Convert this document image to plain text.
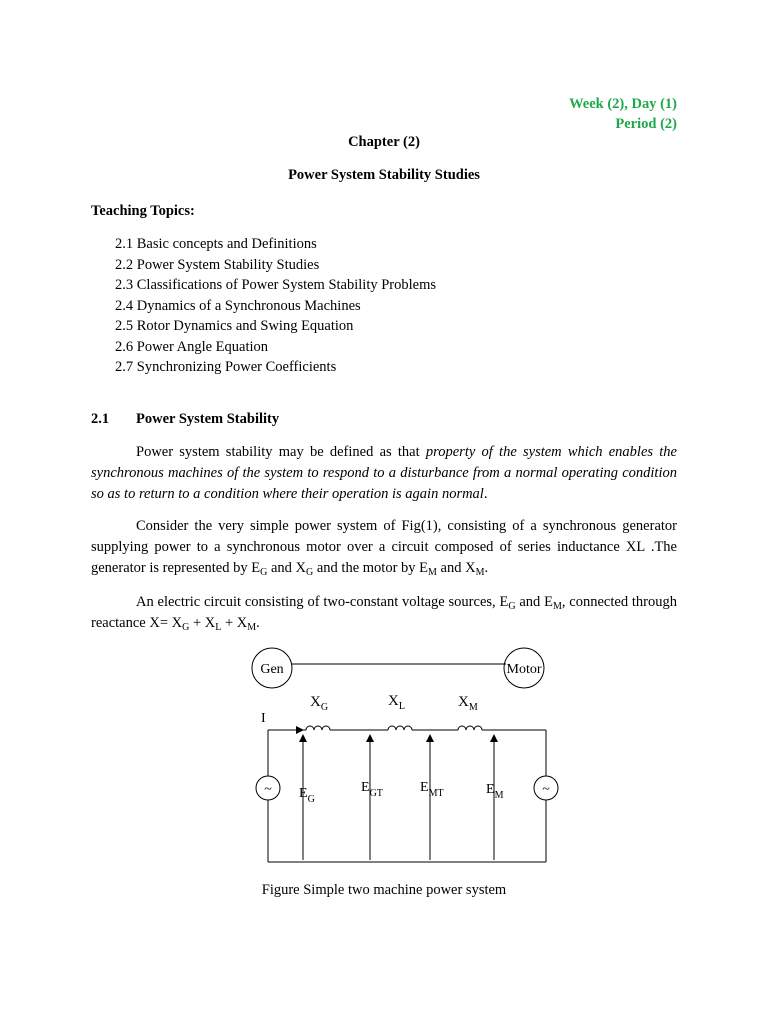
Week (2), Day (1)
Period (2)
Chapter (2)
Power System Stability Studies
Teaching Topics:
2.1 Basic concepts and Definitions
2.2 Power System Stability Studies
2.3 Classifications of Power System Stability Problems
2.4 Dynamics of a Synchronous Machines
2.5 Rotor Dynamics and Swing Equation
2.6 Power Angle Equation
2.7 Synchronizing Power Coefficients
2.1 Power System Stability

Power system stability may be defined as that property of the system which enables the synchronous machines of the system to respond to a disturbance from a normal operating condition so as to return to a condition where their operation is again normal.

Consider the very simple power system of Fig(1), consisting of a synchronous generator supplying power to a synchronous motor over a circuit composed of series inductance XL .The generator is represented by $E_G$ and $X_G$ and the motor by $E_M$ and $X_M$.

An electric circuit consisting of two-constant voltage sources, $E_G$ and $E_M$, connected through reactance $X= X_G + X_L + X_M$.

Gen	Motor
I
~	~
$X_G$	$X_L$	$X_M$
$E_G$
$E_{GT}$	$E_{MT}$	$E_M$
Figure Simple two machine power system
